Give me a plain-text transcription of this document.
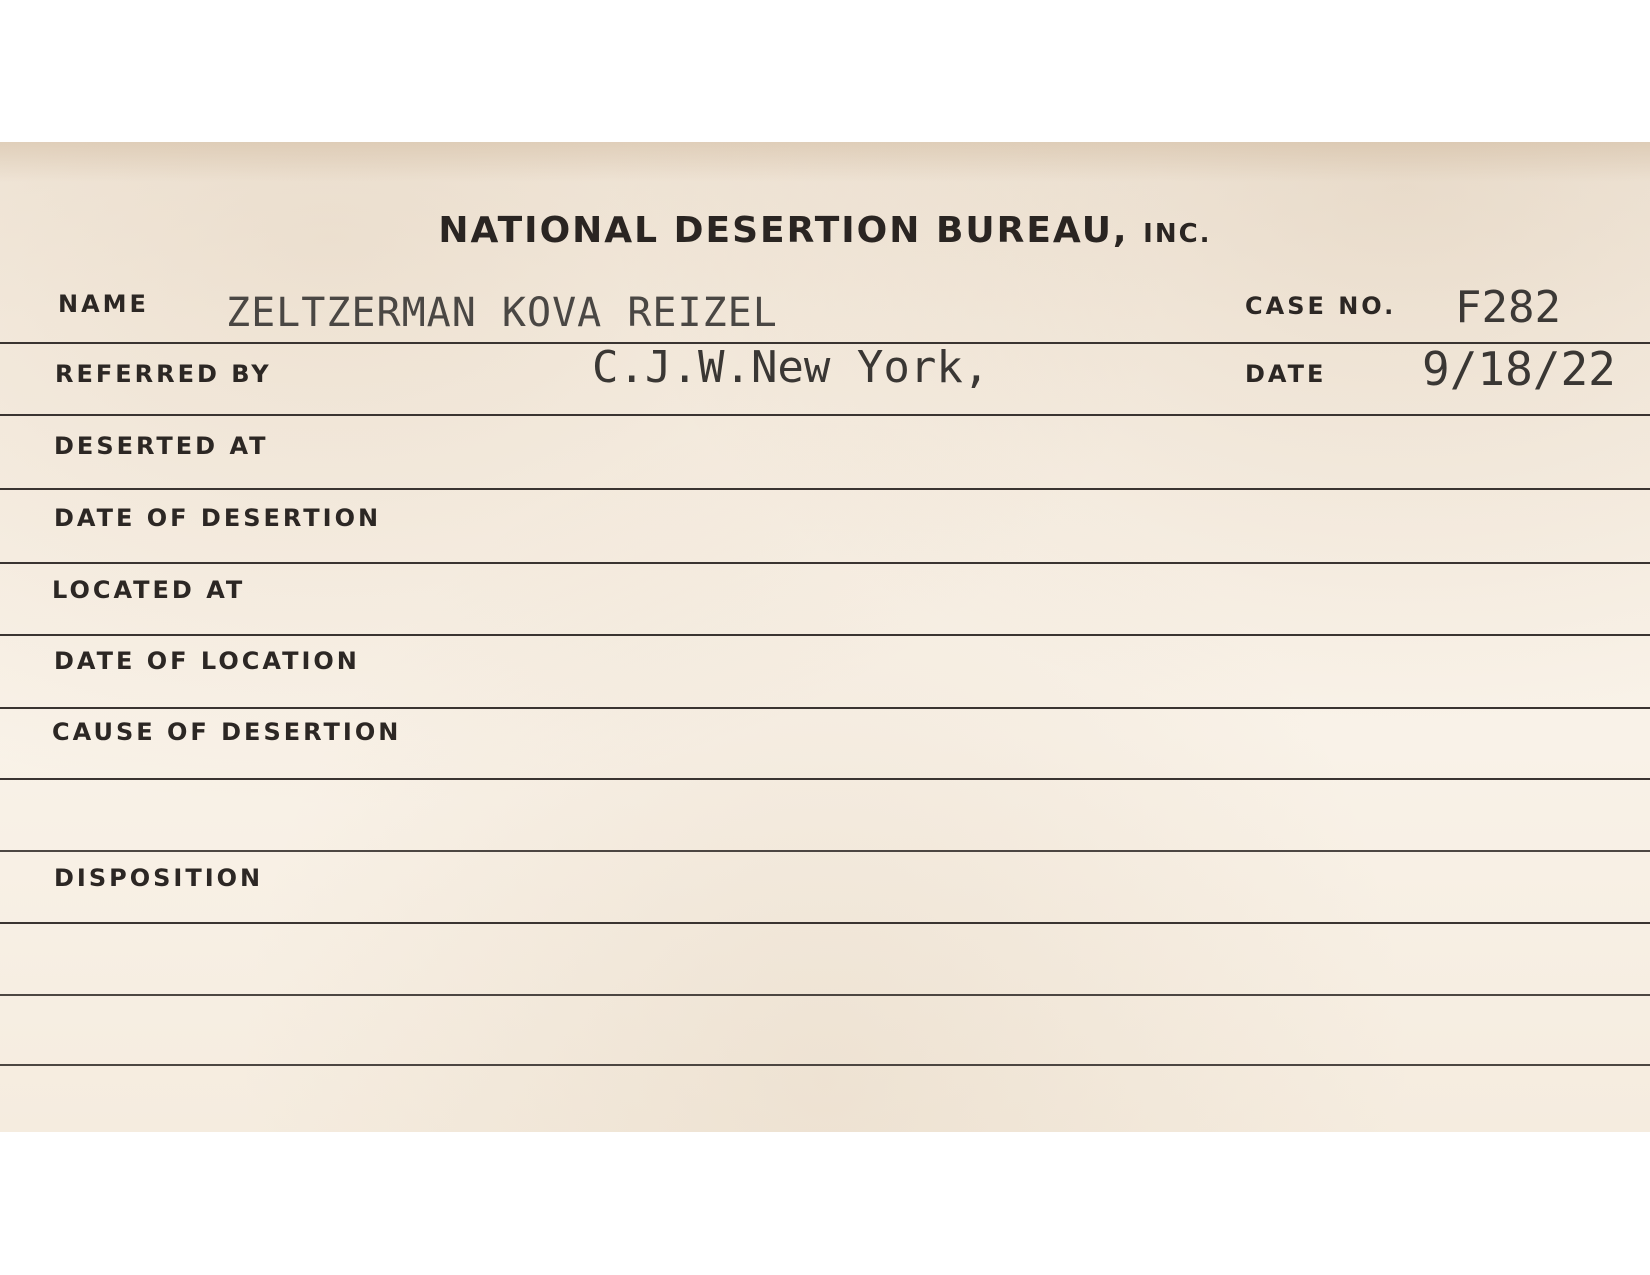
NATIONAL DESERTION BUREAU, INC.
NAME ZELTZERMAN KOVA REIZEL	CASE NO. F282
REFERRED BY	C.J.W.New York,	DATE 9/18/22
DESERTED AT
DATE OF DESERTION
LOCATED AT
DATE OF LOCATION
CAUSE OF DESERTION
DISPOSITION
